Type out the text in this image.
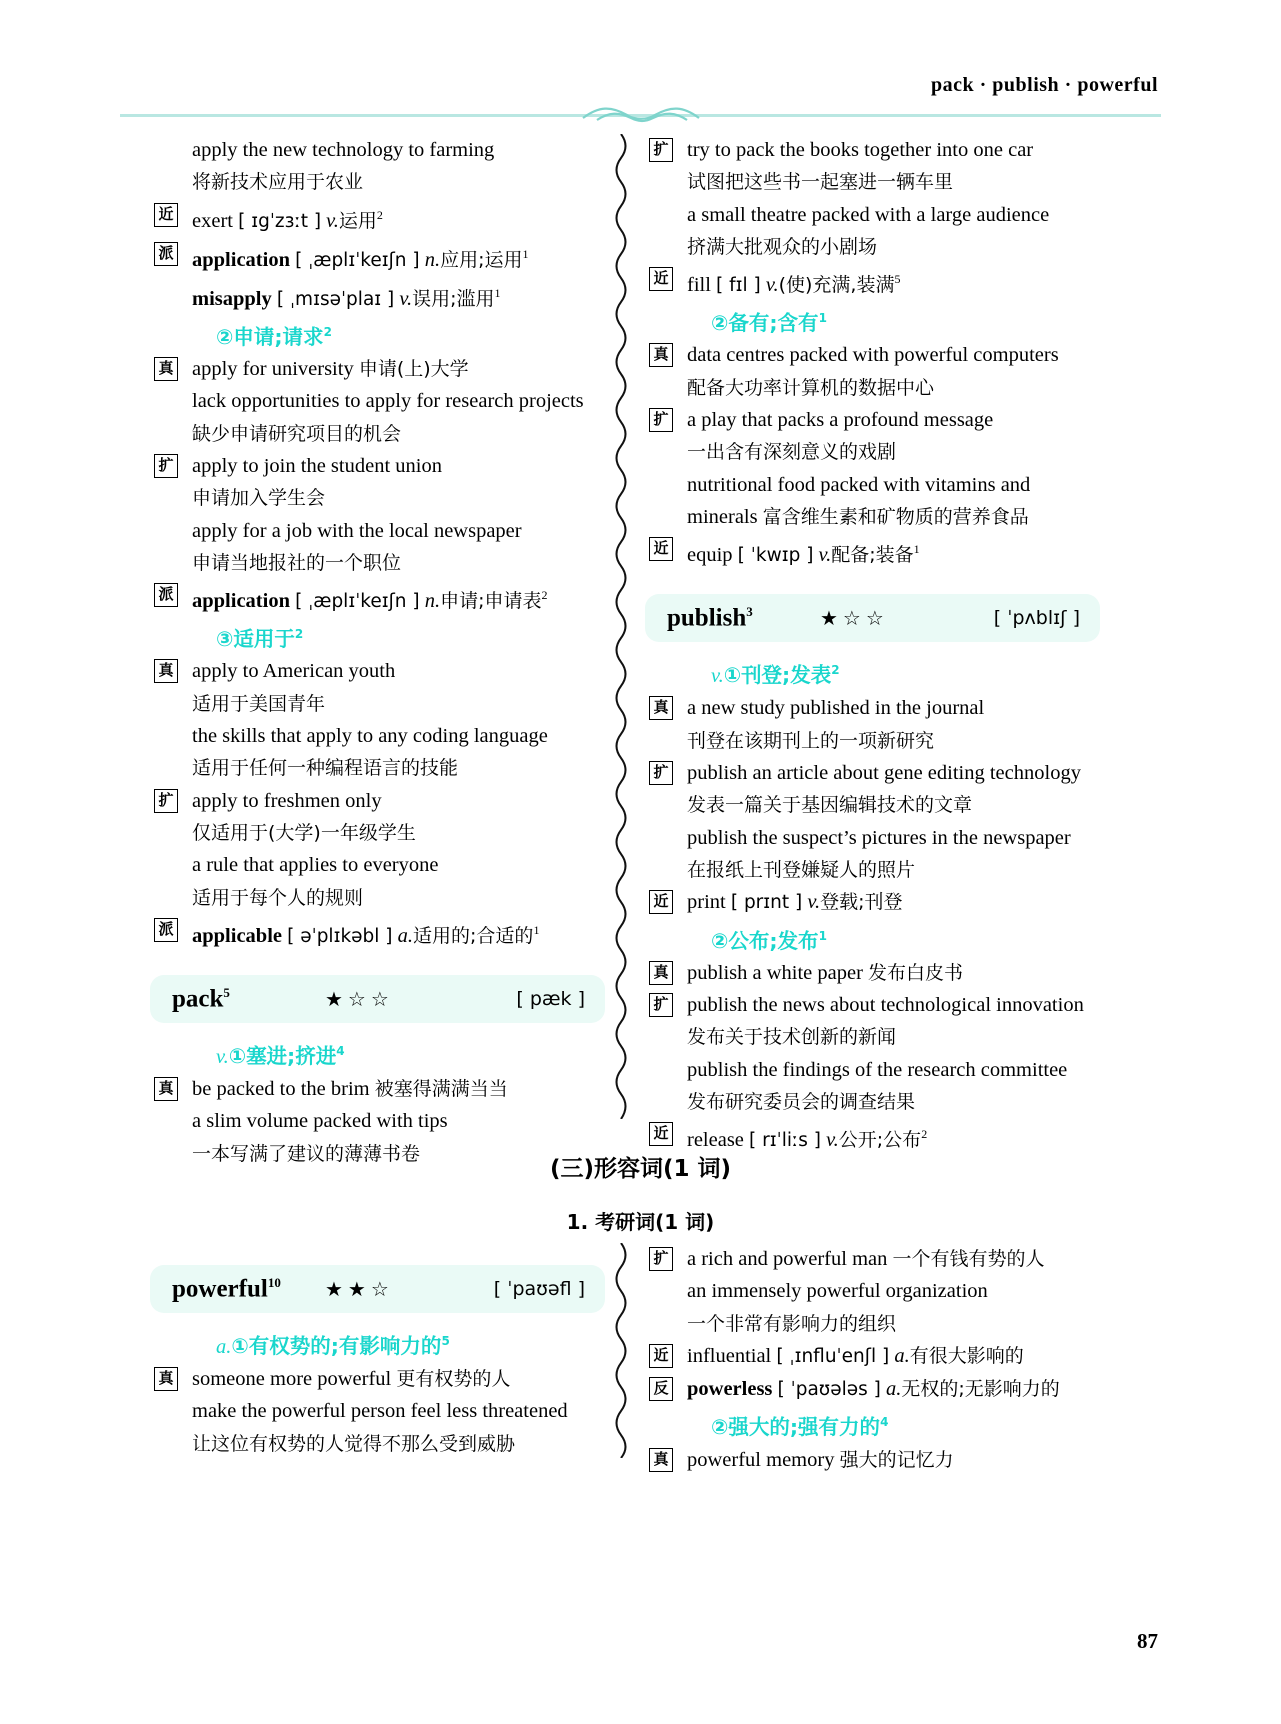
pack · publish · powerful
apply the new technology to farming
将新技术应用于农业
近 exert [ ɪgˈzɜːt ] v.运用$^2$
派 application [ ˌæplɪˈkeɪʃn ] n.应用;运用$^1$
misapply [ ˌmɪsəˈplaɪ ] v.误用;滥用$^1$
②申请;请求$^2$
真 apply for university 申请(上)大学
lack opportunities to apply for research projects
缺少申请研究项目的机会
扩 apply to join the student union
申请加入学生会
apply for a job with the local newspaper
申请当地报社的一个职位
派 application [ ˌæplɪˈkeɪʃn ] n.申请;申请表$^2$
③适用于$^2$
真 apply to American youth
适用于美国青年
the skills that apply to any coding language
适用于任何一种编程语言的技能
扩 apply to freshmen only
仅适用于(大学)一年级学生
a rule that applies to everyone
适用于每个人的规则
派 applicable [ əˈplɪkəbl ] a.适用的;合适的$^1$
pack$^5$	★☆☆	[ pæk ]
v.①塞进;挤进$^4$
真 be packed to the brim 被塞得满满当当
a slim volume packed with tips
一本写满了建议的薄薄书卷
扩 try to pack the books together into one car
试图把这些书一起塞进一辆车里
a small theatre packed with a large audience
挤满大批观众的小剧场
近 fill [ fɪl ] v.(使)充满,装满$^5$
②备有;含有$^1$
真 data centres packed with powerful computers
配备大功率计算机的数据中心
扩 a play that packs a profound message
一出含有深刻意义的戏剧
nutritional food packed with vitamins and
minerals 富含维生素和矿物质的营养食品
近 equip [ ˈkwɪp ] v.配备;装备$^1$
publish$^3$	★☆☆	[ ˈpʌblɪʃ ]
v.①刊登;发表$^2$
真 a new study published in the journal
刊登在该期刊上的一项新研究
扩 publish an article about gene editing technology
发表一篇关于基因编辑技术的文章
publish the suspect’s pictures in the newspaper
在报纸上刊登嫌疑人的照片
近 print [ prɪnt ] v.登载;刊登
②公布;发布$^1$
真 publish a white paper 发布白皮书
扩 publish the news about technological innovation
发布关于技术创新的新闻
publish the findings of the research committee
发布研究委员会的调查结果
近 release [ rɪˈliːs ] v.公开;公布$^2$
(三)形容词(1 词)
1. 考研词(1 词)
powerful$^{10}$ ★★☆	[ ˈpaʊəfl ]
a.①有权势的;有影响力的$^5$
真 someone more powerful 更有权势的人
make the powerful person feel less threatened
让这位有权势的人觉得不那么受到威胁
扩 a rich and powerful man 一个有钱有势的人
an immensely powerful organization
一个非常有影响力的组织
近 influential [ ˌɪnfluˈenʃl ] a.有很大影响的
反 powerless [ ˈpaʊələs ] a.无权的;无影响力的
②强大的;强有力的$^4$
真 powerful memory 强大的记忆力
87
